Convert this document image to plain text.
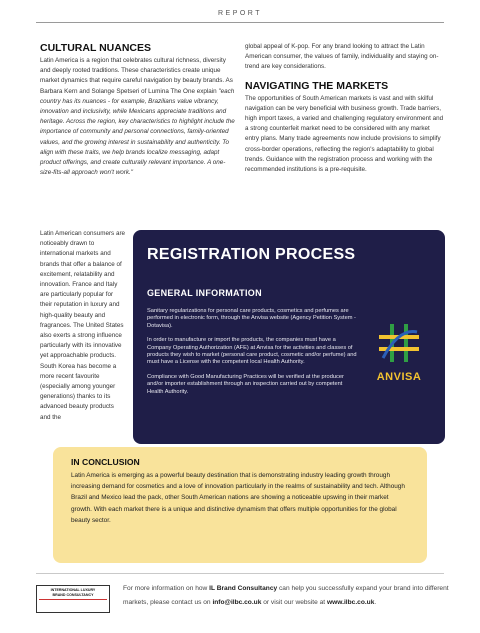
REPORT
CULTURAL NUANCES

Latin America is a region that celebrates cultural richness, diversity and deeply rooted traditions. These characteristics create unique market dynamics that require careful navigation by beauty brands. As Barbara Kern and Solange Spetseri of Lumina The One explain "each country has its nuances - for example, Brazilians value vibrancy, innovation and inclusivity, while Mexicans appreciate traditions and heritage. Across the region, key characteristics to highlight include the importance of community and personal connections, family-oriented values, and the growing interest in sustainability and authenticity. To align with these traits, we help brands localize messaging, adapt product offerings, and create culturally relevant importance. A one-size-fits-all approach won't work."

Latin American consumers are noticeably drawn to international markets and brands that offer a balance of excitement, relatability and innovation. France and Italy are particularly popular for their reputation in luxury and high-quality beauty and fragrances. The United States also exerts a strong influence particularly with its innovative yet approachable products. South Korea has become a more recent favourite (especially among younger generations) thanks to its advanced beauty products and the

global appeal of K-pop. For any brand looking to attract the Latin American consumer, the values of family, individuality and staying on-trend are key considerations.

NAVIGATING THE MARKETS

The opportunities of South American markets is vast and with skilful navigation can be very beneficial with business growth. Trade barriers, high import taxes, a varied and challenging regulatory environment and a strong counterfeit market need to be considered with any market entry plans. Many trade agreements now include provisions to simplify cross-border operations, reflecting the region's adaptability to global trends. Guidance with the registration process and working with the recommended institutions is a pre-requisite.

REGISTRATION PROCESS
GENERAL INFORMATION
Sanitary regularizations for personal care products, cosmetics and perfumes are performed in electronic form, through the Anvisa website (Agency Petition System - Dotavisa).
In order to manufacture or import the products, the companies must have a Company Operating Authorization (AFE) at Anvisa for the activities and classes of products they wish to market (personal care product, cosmetic and/or perfume) and must have a License with the competent local Health Authority.
Compliance with Good Manufacturing Practices will be verified at the producer and/or importer establishment through an inspection carried out by competent Health Authority.
ANVISA
IN CONCLUSION

Latin America is emerging as a powerful beauty destination that is demonstrating industry leading growth through increasing demand for cosmetics and a love of innovation particularly in the realms of sustainability and tech. Although Brazil and Mexico lead the pack, other South American nations are showing a noticeable upswing in their market growth. With each market there is a unique and distinctive dynamism that offers multiple opportunities for the global beauty sector.

INTERNATIONAL LUXURY
BRAND CONSULTANCY
For more information on how IL Brand Consultancy can help you successfully expand your brand into different markets, please contact us on info@ilbc.co.uk or visit our website at www.ilbc.co.uk.
